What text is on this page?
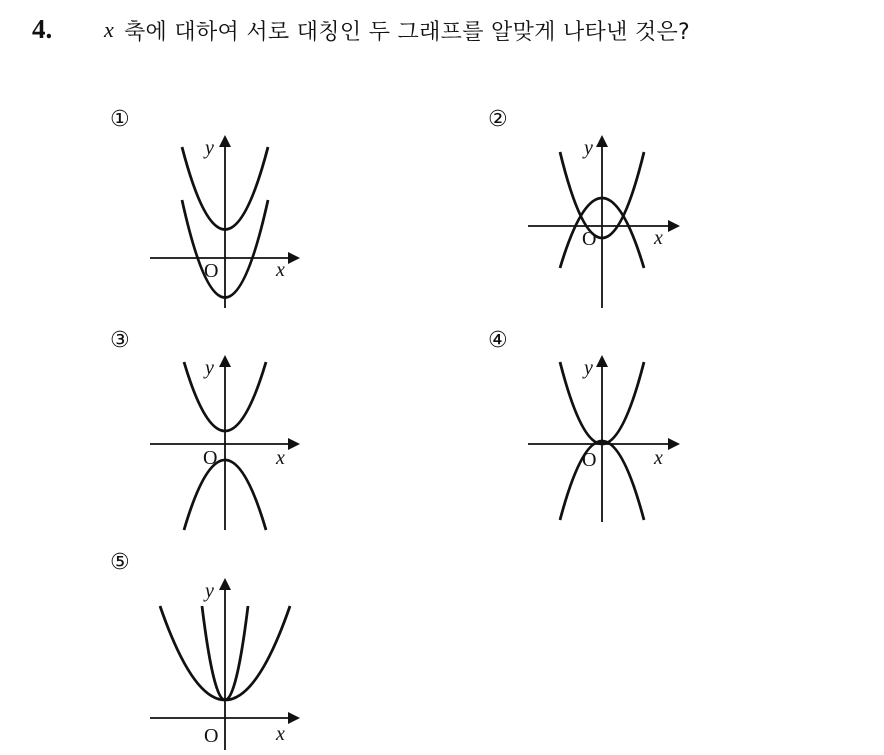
4. x 축에 대하여 서로 대칭인 두 그래프를 알맞게 나타낸 것은?
①
y
O	x
②
y
O	x
③
y
O	x
④
y
O	x
⑤
y
O	x
